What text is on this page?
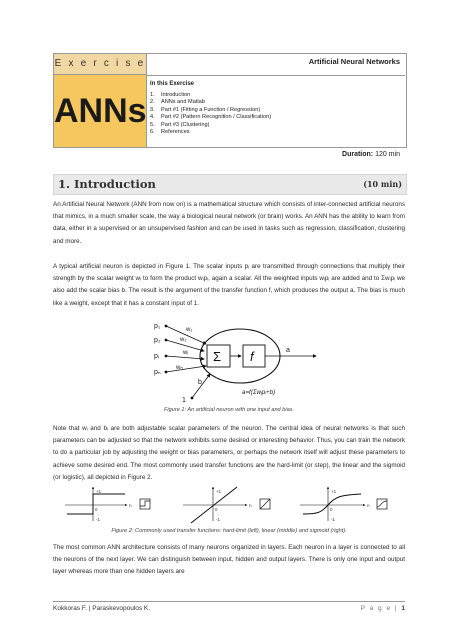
Artificial Neural Networks
E x e r c i s e
ANNs
In this Exercise
1. Introduction
2. ANNs and Matlab
3. Part #1 (Fitting a Function / Regression)
4. Part #2 (Pattern Recognition / Classification)
5. Part #3 (Clustering)
6. References
Duration: 120 min
1. Introduction	(10 min)

An Artificial Neural Network (ANN from now on) is a mathematical structure which consists of inter-connected artificial neurons that mimics, in a much smaller scale, the way a biological neural network (or brain) works. An ANN has the ability to learn from data, either in a supervised or an unsupervised fashion and can be used in tasks such as regression, classification, clustering and more.

A typical artificial neuron is depicted in Figure 1. The scalar inputs pᵢ are transmitted through connections that multiply their strength by the scalar weight wᵢ to form the product wᵢpᵢ, again a scalar. All the weighted inputs wᵢpᵢ are added and to Σwᵢpᵢ we also add the scalar bias b. The result is the argument of the transfer function f, which produces the output a. The bias is much like a weight, except that it has a constant input of 1.

p₁
p₂
pᵢ
pₙ
w₁
w₂
wᵢ
wₙ
Σ f	a
1
b
a=f(Σwᵢpᵢ+b)
Figure 1: An artificial neuron with one input and bias.

Note that wᵢ and bᵢ are both adjustable scalar parameters of the neuron. The central idea of neural networks is that such parameters can be adjusted so that the network exhibits some desired or interesting behavior. Thus, you can train the network to do a particular job by adjusting the weight or bias parameters, or perhaps the network itself will adjust these parameters to achieve some desired end. The most commonly used transfer functions are the hard-limit (or step), the linear and the sigmoid (or logistic), all depicted in Figure 2.

+1
-1
0
n
+1
-1
0
n
+1
-1
0
n
Figure 2: Commonly used transfer functions: hard-limit (left), linear (middle) and sigmoid (right).

The most common ANN architecture consists of many neurons organized in layers. Each neuron in a layer is connected to all the neurons of the next layer. We can distinguish between input, hidden and output layers. There is only one input and output layer whereas more than one hidden layers are

Kokkoras F. | Paraskevopoulos K.	P a g e | 1
